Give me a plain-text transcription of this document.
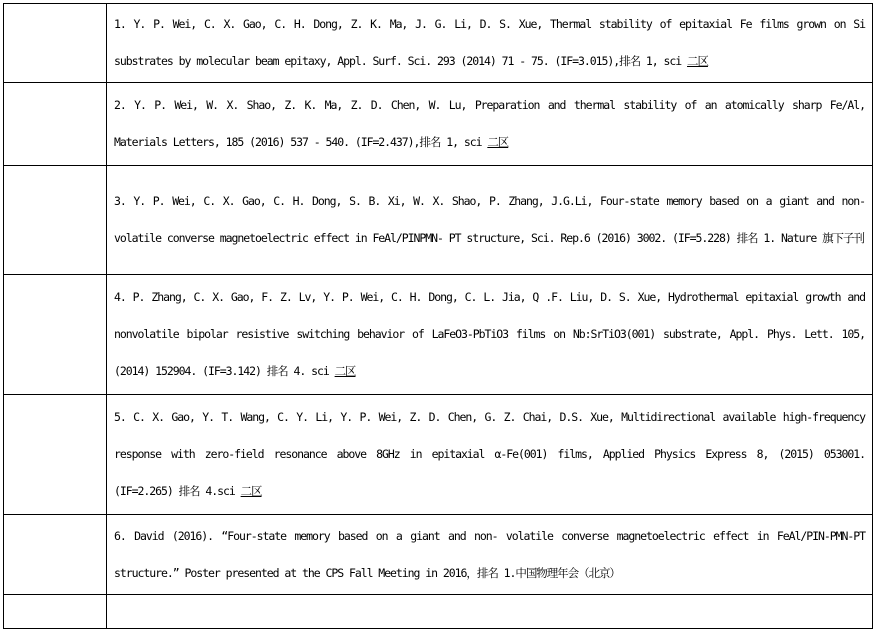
	1. Y. P. Wei, C. X. Gao, C. H. Dong, Z. K. Ma, J. G. Li, D. S. Xue, Thermal stability of epitaxial Fe films grown on Si substrates by molecular beam epitaxy, Appl. Surf. Sci. 293 (2014) 71 - 75. (IF=3.015),排名 1, sci 二区
	2. Y. P. Wei, W. X. Shao, Z. K. Ma, Z. D. Chen, W. Lu, Preparation and thermal stability of an atomically sharp Fe/Al, Materials Letters, 185 (2016) 537 - 540. (IF=2.437),排名 1, sci 二区
	3. Y. P. Wei, C. X. Gao, C. H. Dong, S. B. Xi, W. X. Shao, P. Zhang, J.G.Li, Four-state memory based on a giant and non-volatile converse magnetoelectric effect in FeAl/PINPMN- PT structure, Sci. Rep.6 (2016) 3002. (IF=5.228) 排名 1. Nature 旗下子刊
	4. P. Zhang, C. X. Gao, F. Z. Lv, Y. P. Wei, C. H. Dong, C. L. Jia, Q .F. Liu, D. S. Xue, Hydrothermal epitaxial growth and nonvolatile bipolar resistive switching behavior of LaFeO3-PbTiO3 films on Nb:SrTiO3(001) substrate, Appl. Phys. Lett. 105, (2014) 152904. (IF=3.142) 排名 4. sci 二区
	5. C. X. Gao, Y. T. Wang, C. Y. Li, Y. P. Wei, Z. D. Chen, G. Z. Chai, D.S. Xue, Multidirectional available high-frequency response with zero-field resonance above 8GHz in epitaxial α-Fe(001) films, Applied Physics Express 8, (2015) 053001. (IF=2.265) 排名 4.sci 二区
	6. David (2016). “Four-state memory based on a giant and non- volatile converse magnetoelectric effect in FeAl/PIN-PMN-PT structure.” Poster presented at the CPS Fall Meeting in 2016，排名 1.中国物理年会（北京）
